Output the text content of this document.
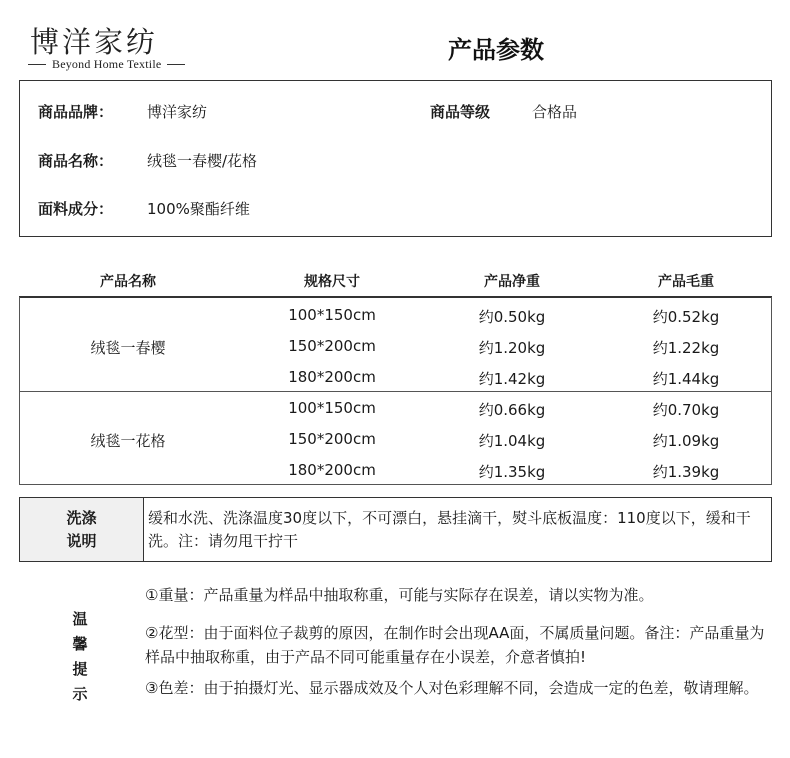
博洋家纺
Beyond Home Textile	产品参数
商品品牌： 博洋家纺	商品等级	合格品
商品名称： 绒毯一春樱/花格
面料成分： 100%聚酯纤维
产品名称	规格尺寸	产品净重	产品毛重
绒毯一春樱
100*150cm	约0.50kg	约0.52kg
150*200cm	约1.20kg	约1.22kg
180*200cm	约1.42kg	约1.44kg
绒毯一花格
100*150cm	约0.66kg	约0.70kg
150*200cm	约1.04kg	约1.09kg
180*200cm	约1.35kg	约1.39kg
洗涤
说明
缓和水洗、洗涤温度30度以下，不可漂白，悬挂滴干，熨斗底板温度：110度以下，缓和干洗。注：请勿甩干拧干
温
馨
提
示
①重量：产品重量为样品中抽取称重，可能与实际存在误差，请以实物为准。
②花型：由于面料位子裁剪的原因，在制作时会出现AA面，不属质量问题。备注：产品重量为样品中抽取称重，由于产品不同可能重量存在小误差，介意者慎拍!
③色差：由于拍摄灯光、显示器成效及个人对色彩理解不同，会造成一定的色差，敬请理解。
